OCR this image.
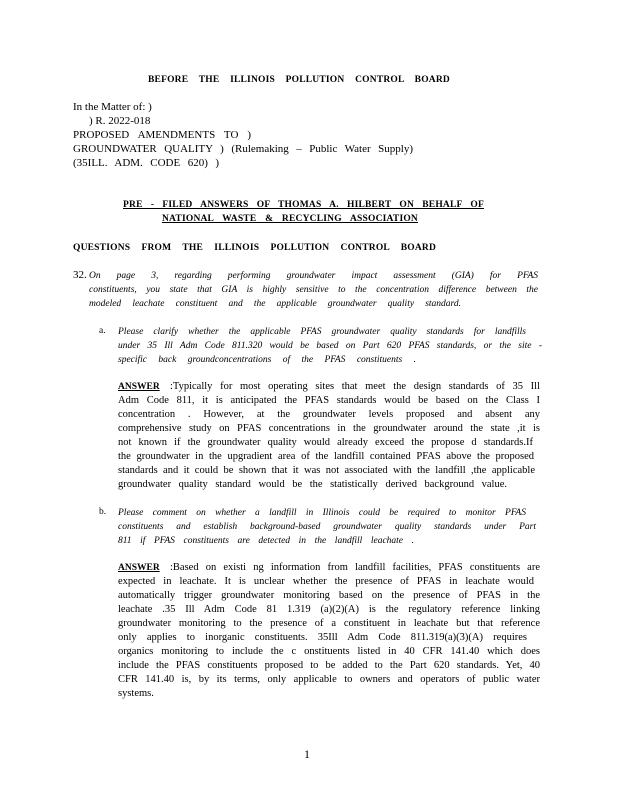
BEFORE THE ILLINOIS POLLUTION CONTROL BOARD
In the Matter of: )
) R. 2022-018
PROPOSED AMENDMENTS TO )
GROUNDWATER QUALITY ) (Rulemaking – Public Water Supply)
(35ILL. ADM. CODE 620) )
PRE - FILED ANSWERS OF THOMAS A. HILBERT ON BEHALF OF
NATIONAL WASTE & RECYCLING ASSOCIATION
QUESTIONS FROM THE ILLINOIS POLLUTION CONTROL BOARD
32. On page 3, regarding performing groundwater impact assessment (GIA) for PFAS
constituents, you state that GIA is highly sensitive to the concentration difference between the
modeled leachate constituent and the applicable groundwater quality standard.
a. Please clarify whether the applicable PFAS groundwater quality standards for landfills
under 35 Ill Adm Code 811.320 would be based on Part 620 PFAS standards, or the site -
specific back groundconcentrations of the PFAS constituents .
ANSWER :Typically for most operating sites that meet the design standards of 35 Ill
Adm Code 811, it is anticipated the PFAS standards would be based on the Class I
concentration . However, at the groundwater levels proposed and absent any
comprehensive study on PFAS concentrations in the groundwater around the state ,it is
not known if the groundwater quality would already exceed the propose d standards.If
the groundwater in the upgradient area of the landfill contained PFAS above the proposed
standards and it could be shown that it was not associated with the landfill ,the applicable
groundwater quality standard would be the statistically derived background value.
b. Please comment on whether a landfill in Illinois could be required to monitor PFAS
constituents and establish background-based groundwater quality standards under Part
811 if PFAS constituents are detected in the landfill leachate .
ANSWER :Based on existi ng information from landfill facilities, PFAS constituents are
expected in leachate. It is unclear whether the presence of PFAS in leachate would
automatically trigger groundwater monitoring based on the presence of PFAS in the
leachate .35 Ill Adm Code 81 1.319 (a)(2)(A) is the regulatory reference linking
groundwater monitoring to the presence of a constituent in leachate but that reference
only applies to inorganic constituents. 35Ill Adm Code 811.319(a)(3)(A) requires
organics monitoring to include the c onstituents listed in 40 CFR 141.40 which does
include the PFAS constituents proposed to be added to the Part 620 standards. Yet, 40
CFR 141.40 is, by its terms, only applicable to owners and operators of public water
systems.
1
